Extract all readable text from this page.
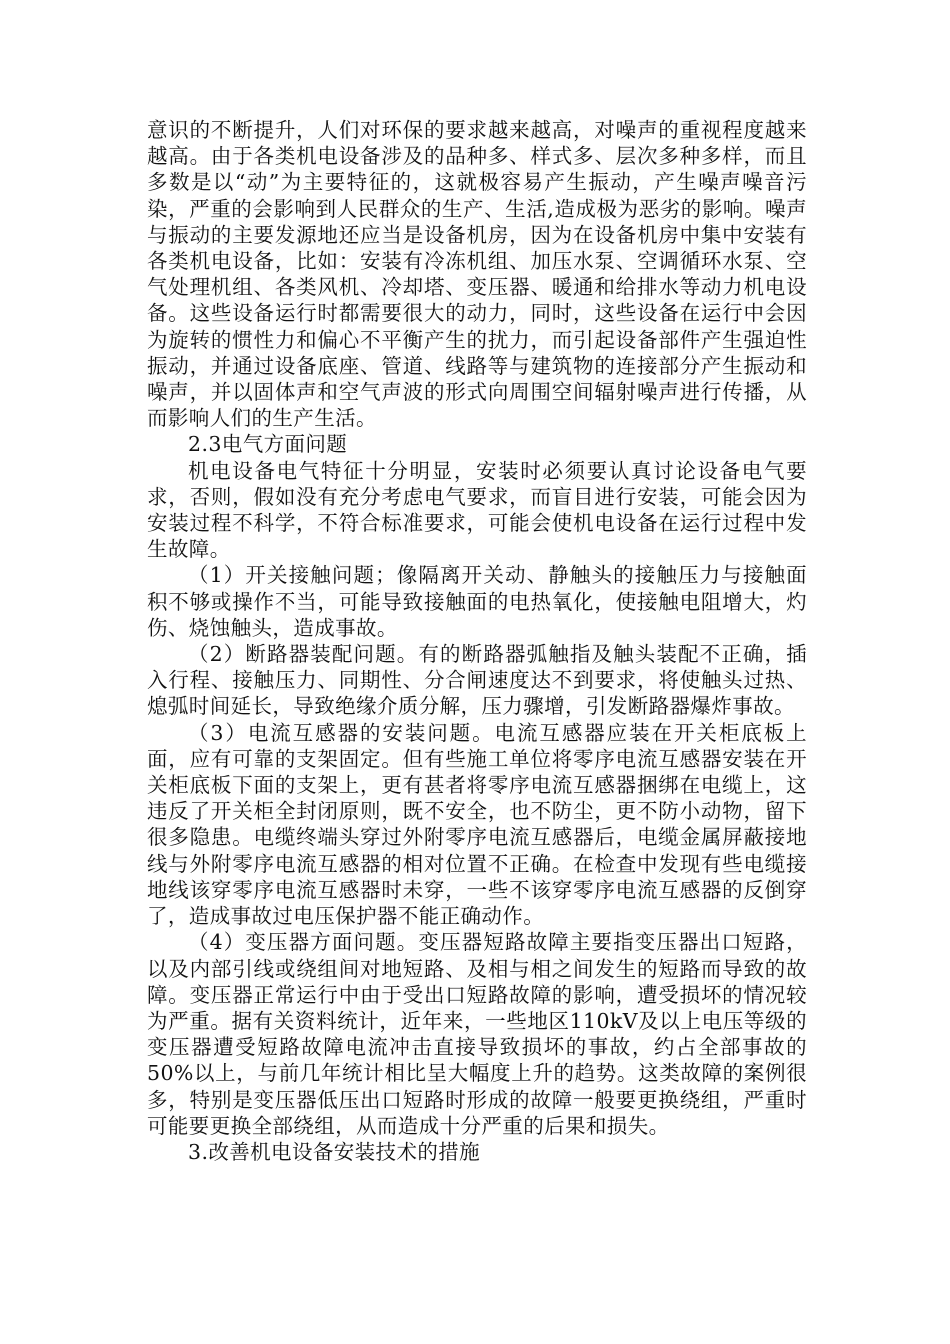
意识的不断提升，人们对环保的要求越来越高，对噪声的重视程度越来越高。由于各类机电设备涉及的品种多、样式多、层次多种多样，而且多数是以“动”为主要特征的，这就极容易产生振动，产生噪声噪音污染，严重的会影响到人民群众的生产、生活,造成极为恶劣的影响。噪声与振动的主要发源地还应当是设备机房，因为在设备机房中集中安装有各类机电设备，比如：安装有冷冻机组、加压水泵、空调循环水泵、空气处理机组、各类风机、冷却塔、变压器、暖通和给排水等动力机电设备。这些设备运行时都需要很大的动力，同时，这些设备在运行中会因为旋转的惯性力和偏心不平衡产生的扰力，而引起设备部件产生强迫性振动，并通过设备底座、管道、线路等与建筑物的连接部分产生振动和噪声，并以固体声和空气声波的形式向周围空间辐射噪声进行传播，从而影响人们的生产生活。

2.3电气方面问题

机电设备电气特征十分明显，安装时必须要认真讨论设备电气要求，否则，假如没有充分考虑电气要求，而盲目进行安装，可能会因为安装过程不科学，不符合标准要求，可能会使机电设备在运行过程中发生故障。

（1）开关接触问题；像隔离开关动、静触头的接触压力与接触面积不够或操作不当，可能导致接触面的电热氧化，使接触电阻增大，灼伤、烧蚀触头，造成事故。

（2）断路器装配问题。有的断路器弧触指及触头装配不正确，插入行程、接触压力、同期性、分合闸速度达不到要求，将使触头过热、熄弧时间延长，导致绝缘介质分解，压力骤增，引发断路器爆炸事故。

（3）电流互感器的安装问题。电流互感器应装在开关柜底板上面，应有可靠的支架固定。但有些施工单位将零序电流互感器安装在开关柜底板下面的支架上，更有甚者将零序电流互感器捆绑在电缆上，这违反了开关柜全封闭原则，既不安全，也不防尘，更不防小动物，留下很多隐患。电缆终端头穿过外附零序电流互感器后，电缆金属屏蔽接地线与外附零序电流互感器的相对位置不正确。在检查中发现有些电缆接地线该穿零序电流互感器时未穿，一些不该穿零序电流互感器的反倒穿了，造成事故过电压保护器不能正确动作。

（4）变压器方面问题。变压器短路故障主要指变压器出口短路，以及内部引线或绕组间对地短路、及相与相之间发生的短路而导致的故障。变压器正常运行中由于受出口短路故障的影响，遭受损坏的情况较为严重。据有关资料统计，近年来，一些地区110kV及以上电压等级的变压器遭受短路故障电流冲击直接导致损坏的事故，约占全部事故的50%以上，与前几年统计相比呈大幅度上升的趋势。这类故障的案例很多，特别是变压器低压出口短路时形成的故障一般要更换绕组，严重时可能要更换全部绕组，从而造成十分严重的后果和损失。

3.改善机电设备安装技术的措施
